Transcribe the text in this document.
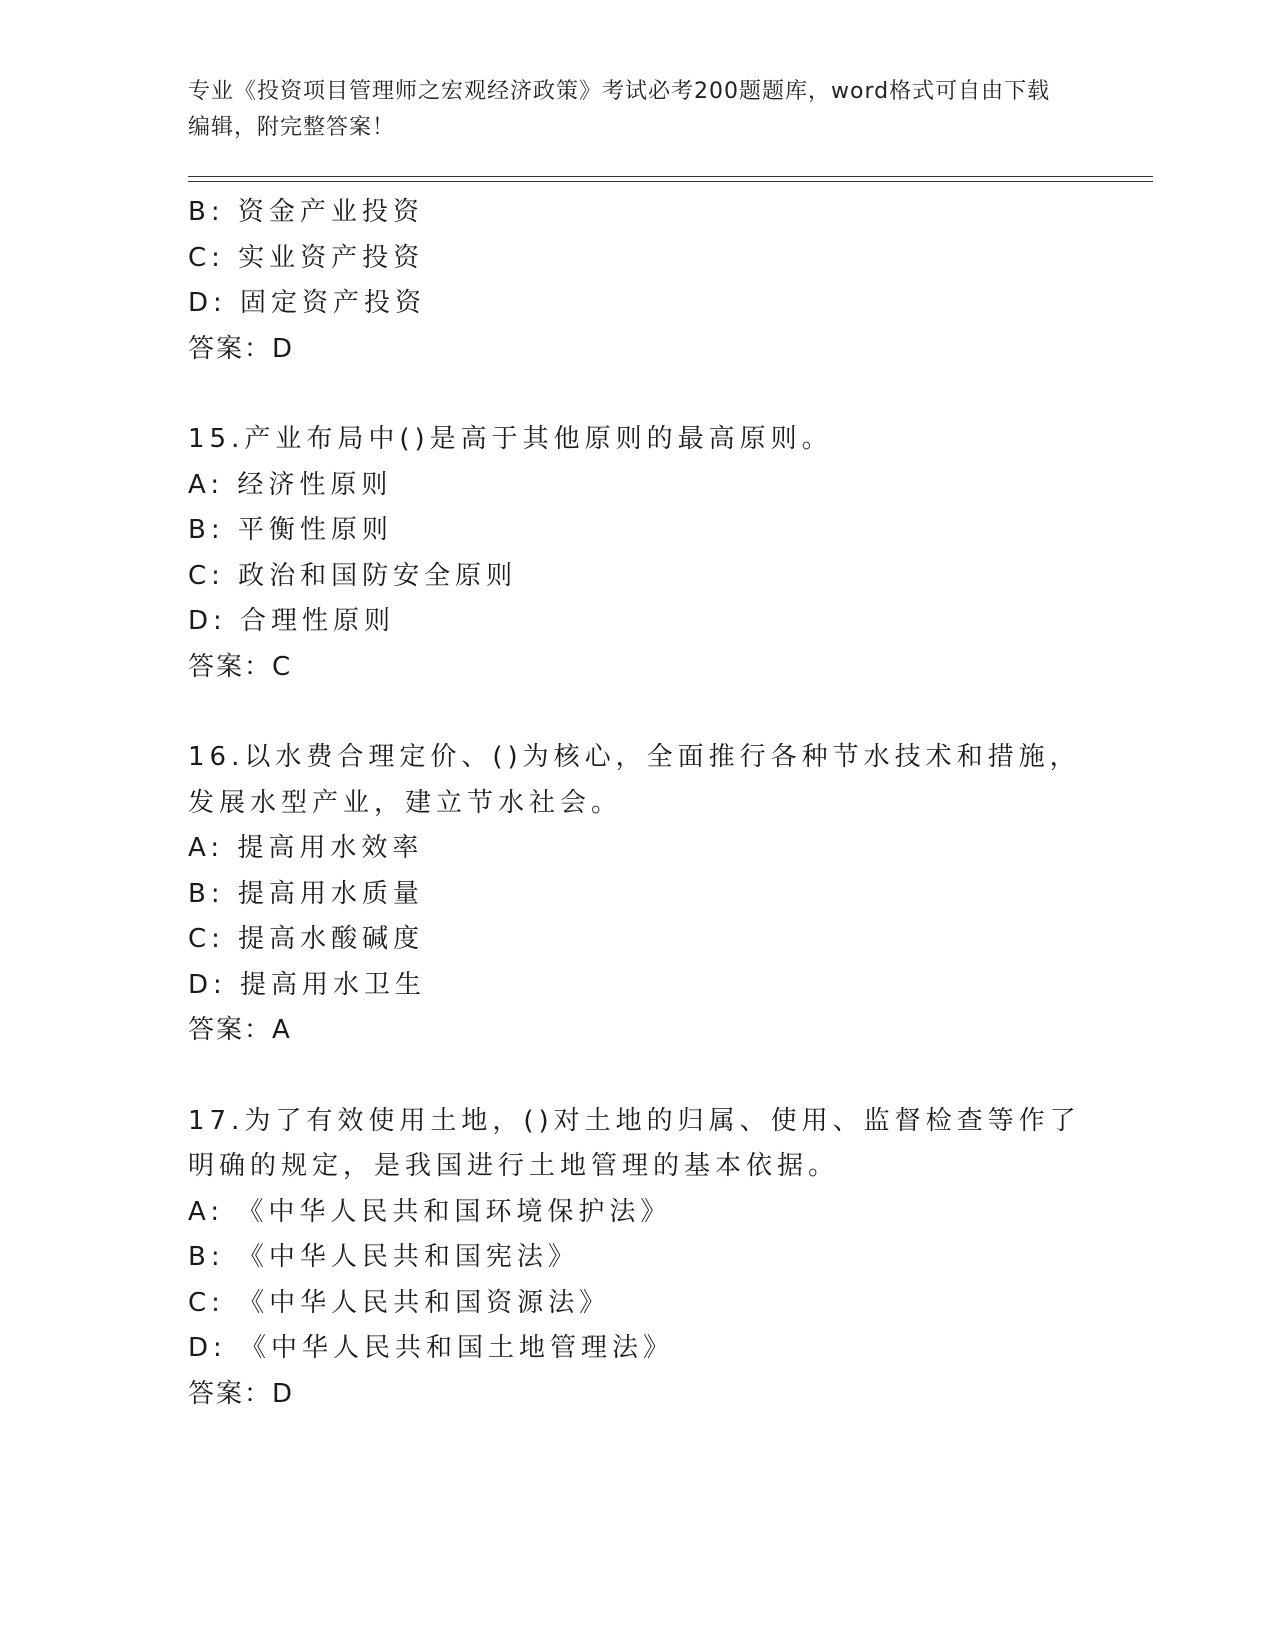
专业《投资项目管理师之宏观经济政策》考试必考200题题库，word格式可自由下载编辑，附完整答案！
B: 资金产业投资
C: 实业资产投资
D: 固定资产投资
答案：D
15.产业布局中()是高于其他原则的最高原则。
A: 经济性原则
B: 平衡性原则
C: 政治和国防安全原则
D: 合理性原则
答案：C
16.以水费合理定价、()为核心，全面推行各种节水技术和措施，发展水型产业，建立节水社会。
A: 提高用水效率
B: 提高用水质量
C: 提高水酸碱度
D: 提高用水卫生
答案：A
17.为了有效使用土地，()对土地的归属、使用、监督检查等作了明确的规定，是我国进行土地管理的基本依据。
A: 《中华人民共和国环境保护法》
B: 《中华人民共和国宪法》
C: 《中华人民共和国资源法》
D: 《中华人民共和国土地管理法》
答案：D
